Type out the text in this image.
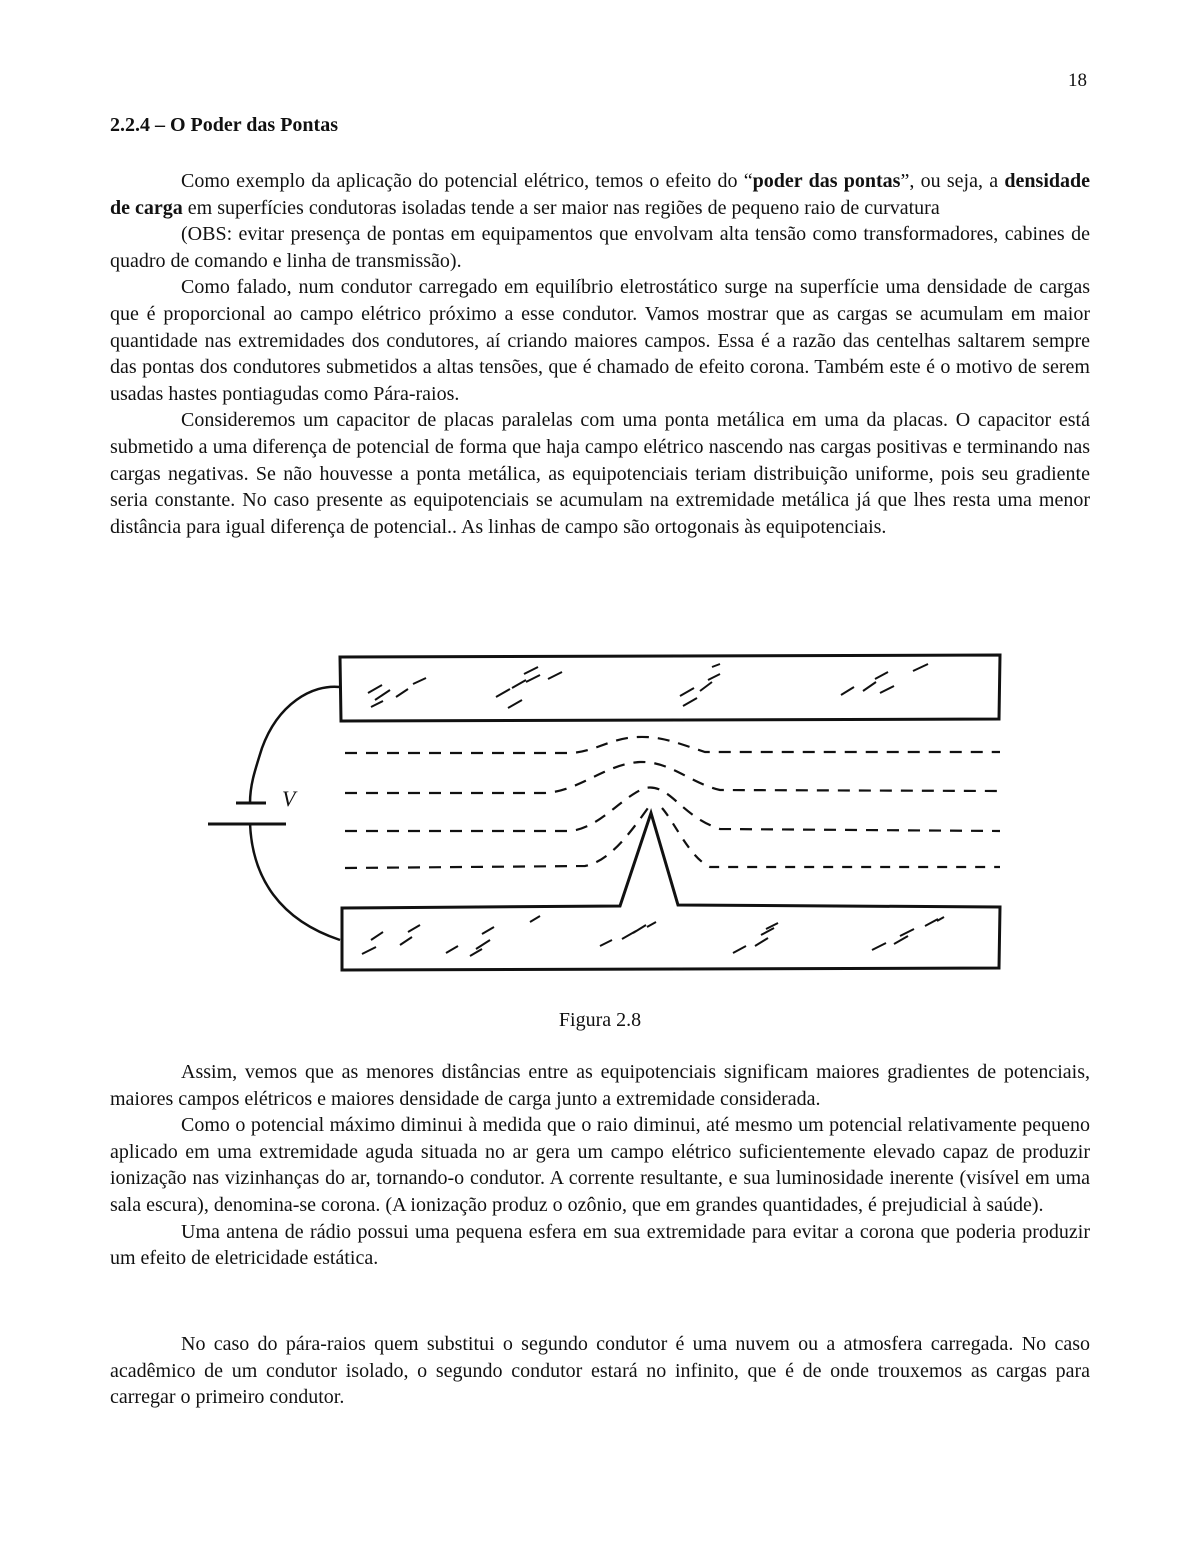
18
2.2.4 – O Poder das Pontas

Como exemplo da aplicação do potencial elétrico, temos o efeito do “poder das pontas”, ou seja, a densidade de carga em superfícies condutoras isoladas tende a ser maior nas regiões de pequeno raio de curvatura

(OBS: evitar presença de pontas em equipamentos que envolvam alta tensão como transformadores, cabines de quadro de comando e linha de transmissão).

Como falado, num condutor carregado em equilíbrio eletrostático surge na superfície uma densidade de cargas que é proporcional ao campo elétrico próximo a esse condutor. Vamos mostrar que as cargas se acumulam em maior quantidade nas extremidades dos condutores, aí criando maiores campos. Essa é a razão das centelhas saltarem sempre das pontas dos condutores submetidos a altas tensões, que é chamado de efeito corona. Também este é o motivo de serem usadas hastes pontiagudas como Pára-raios.

Consideremos um capacitor de placas paralelas com uma ponta metálica em uma da placas. O capacitor está submetido a uma diferença de potencial de forma que haja campo elétrico nascendo nas cargas positivas e terminando nas cargas negativas. Se não houvesse a ponta metálica, as equipotenciais teriam distribuição uniforme, pois seu gradiente seria constante. No caso presente as equipotenciais se acumulam na extremidade metálica já que lhes resta uma menor distância para igual diferença de potencial.. As linhas de campo são ortogonais às equipotenciais.

V
Figura 2.8

Assim, vemos que as menores distâncias entre as equipotenciais significam maiores gradientes de potenciais, maiores campos elétricos e maiores densidade de carga junto a extremidade considerada.

Como o potencial máximo diminui à medida que o raio diminui, até mesmo um potencial relativamente pequeno aplicado em uma extremidade aguda situada no ar gera um campo elétrico suficientemente elevado capaz de produzir ionização nas vizinhanças do ar, tornando-o condutor. A corrente resultante, e sua luminosidade inerente (visível em uma sala escura), denomina-se corona. (A ionização produz o ozônio, que em grandes quantidades, é prejudicial à saúde).

Uma antena de rádio possui uma pequena esfera em sua extremidade para evitar a corona que poderia produzir um efeito de eletricidade estática.

No caso do pára-raios quem substitui o segundo condutor é uma nuvem ou a atmosfera carregada. No caso acadêmico de um condutor isolado, o segundo condutor estará no infinito, que é de onde trouxemos as cargas para carregar o primeiro condutor.
